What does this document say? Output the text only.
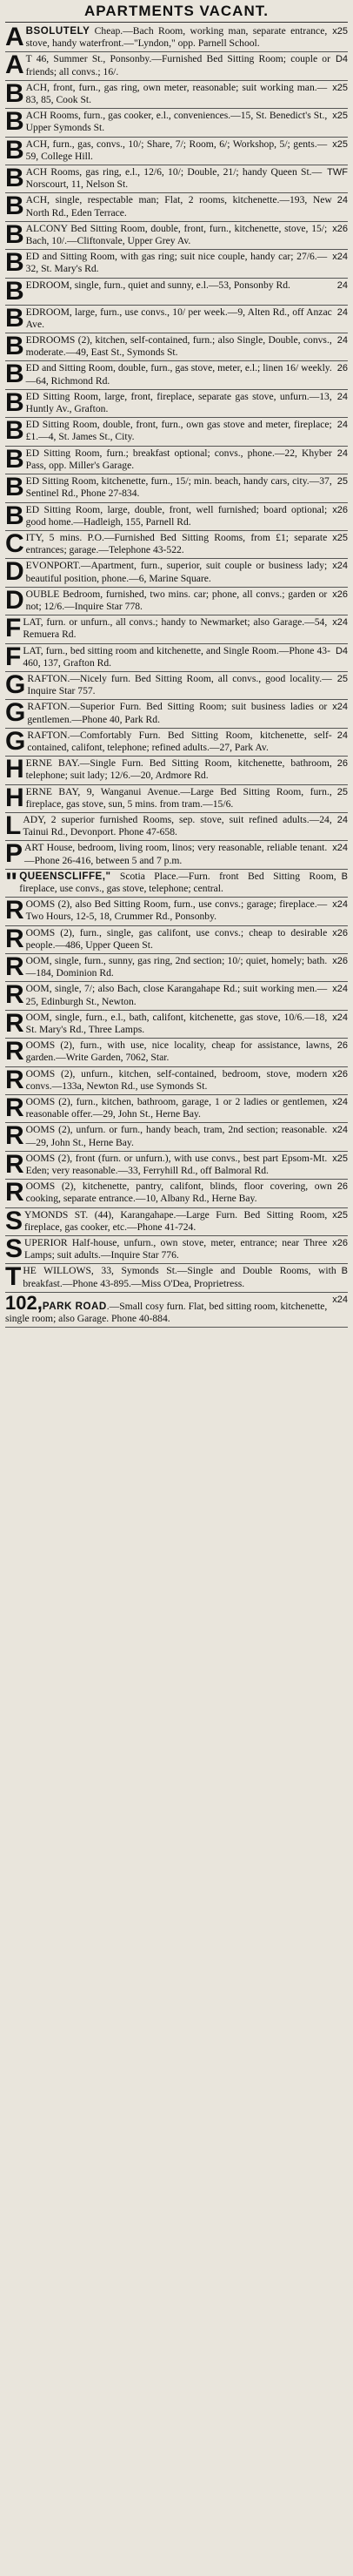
APARTMENTS VACANT.
x25
A BSOLUTELY Cheap.—Bach Room, working man, separate entrance, stove, handy waterfront.—"Lyndon," opp. Parnell School.
D4
A T 46, Summer St., Ponsonby.—Furnished Bed Sitting Room; couple or friends; all convs.; 16/.
x25
B ACH, front, furn., gas ring, own meter, reasonable; suit working man.—83, 85, Cook St.
x25
B ACH Rooms, furn., gas cooker, e.l., conveniences.—15, St. Benedict's St., Upper Symonds St.
x25
B ACH, furn., gas, convs., 10/; Share, 7/; Room, 6/; Workshop, 5/; gents.—59, College Hill.
TWF
B ACH Rooms, gas ring, e.l., 12/6, 10/; Double, 21/; handy Queen St.—Norscourt, 11, Nelson St.
24
B ACH, single, respectable man; Flat, 2 rooms, kitchenette.—193, New North Rd., Eden Terrace.
x26
B ALCONY Bed Sitting Room, double, front, furn., kitchenette, stove, 15/; Bach, 10/.—Cliftonvale, Upper Grey Av.
x24
B ED and Sitting Room, with gas ring; suit nice couple, handy car; 27/6.—32, St. Mary's Rd.
24
B EDROOM, single, furn., quiet and sunny, e.l.—53, Ponsonby Rd.
24
B EDROOM, large, furn., use convs., 10/ per week.—9, Alten Rd., off Anzac Ave.
24
B EDROOMS (2), kitchen, self-contained, furn.; also Single, Double, convs., moderate.—49, East St., Symonds St.
26
B ED and Sitting Room, double, furn., gas stove, meter, e.l.; linen 16/ weekly.—64, Richmond Rd.
24
B ED Sitting Room, large, front, fireplace, separate gas stove, unfurn.—13, Huntly Av., Grafton.
24
B ED Sitting Room, double, front, furn., own gas stove and meter, fireplace; £1.—4, St. James St., City.
24
B ED Sitting Room, furn.; breakfast optional; convs., phone.—22, Khyber Pass, opp. Miller's Garage.
25
B ED Sitting Room, kitchenette, furn., 15/; min. beach, handy cars, city.—37, Sentinel Rd., Phone 27-834.
x26
B ED Sitting Room, large, double, front, well furnished; board optional; good home.—Hadleigh, 155, Parnell Rd.
x25
C ITY, 5 mins. P.O.—Furnished Bed Sitting Rooms, from £1; separate entrances; garage.—Telephone 43-522.
x24
D EVONPORT.—Apartment, furn., superior, suit couple or business lady; beautiful position, phone.—6, Marine Square.
x26
D OUBLE Bedroom, furnished, two mins. car; phone, all convs.; garden or not; 12/6.—Inquire Star 778.
x24
F LAT, furn. or unfurn., all convs.; handy to Newmarket; also Garage.—54, Remuera Rd.
D4
F LAT, furn., bed sitting room and kitchenette, and Single Room.—Phone 43-460, 137, Grafton Rd.
25
G RAFTON.—Nicely furn. Bed Sitting Room, all convs., good locality.—Inquire Star 757.
x24
G RAFTON.—Superior Furn. Bed Sitting Room; suit business ladies or gentlemen.—Phone 40, Park Rd.
24
G RAFTON.—Comfortably Furn. Bed Sitting Room, kitchenette, self-contained, califont, telephone; refined adults.—27, Park Av.
26
H ERNE BAY.—Single Furn. Bed Sitting Room, kitchenette, bathroom, telephone; suit lady; 12/6.—20, Ardmore Rd.
25
H ERNE BAY, 9, Wanganui Avenue.—Large Bed Sitting Room, furn., fireplace, gas stove, sun, 5 mins. from tram.—15/6.
24
L ADY, 2 superior furnished Rooms, sep. stove, suit refined adults.—24, Tainui Rd., Devonport. Phone 47-658.
x24
P ART House, bedroom, living room, linos; very reasonable, reliable tenant.—Phone 26-416, between 5 and 7 p.m.
B
" QUEENSCLIFFE," Scotia Place.—Furn. front Bed Sitting Room, fireplace, use convs., gas stove, telephone; central.
x24
R OOMS (2), also Bed Sitting Room, furn., use convs.; garage; fireplace.—Two Hours, 12-5, 18, Crummer Rd., Ponsonby.
x26
R OOMS (2), furn., single, gas califont, use convs.; cheap to desirable people.—486, Upper Queen St.
x26
R OOM, single, furn., sunny, gas ring, 2nd section; 10/; quiet, homely; bath.—184, Dominion Rd.
x24
R OOM, single, 7/; also Bach, close Karangahape Rd.; suit working men.—25, Edinburgh St., Newton.
x24
R OOM, single, furn., e.l., bath, califont, kitchenette, gas stove, 10/6.—18, St. Mary's Rd., Three Lamps.
26
R OOMS (2), furn., with use, nice locality, cheap for assistance, lawns, garden.—Write Garden, 7062, Star.
x26
R OOMS (2), unfurn., kitchen, self-contained, bedroom, stove, modern convs.—133a, Newton Rd., use Symonds St.
x24
R OOMS (2), furn., kitchen, bathroom, garage, 1 or 2 ladies or gentlemen, reasonable offer.—29, John St., Herne Bay.
x24
R OOMS (2), unfurn. or furn., handy beach, tram, 2nd section; reasonable.—29, John St., Herne Bay.
x25
R OOMS (2), front (furn. or unfurn.), with use convs., best part Epsom-Mt. Eden; very reasonable.—33, Ferryhill Rd., off Balmoral Rd.
26
R OOMS (2), kitchenette, pantry, califont, blinds, floor covering, own cooking, separate entrance.—10, Albany Rd., Herne Bay.
x25
S YMONDS ST. (44), Karangahape.—Large Furn. Bed Sitting Room, fireplace, gas cooker, etc.—Phone 41-724.
x26
S UPERIOR Half-house, unfurn., own stove, meter, entrance; near Three Lamps; suit adults.—Inquire Star 776.
B
T HE WILLOWS, 33, Symonds St.—Single and Double Rooms, with breakfast.—Phone 43-895.—Miss O'Dea, Proprietress.
x24
102,PARK ROAD.—Small cosy furn. Flat, bed sitting room, kitchenette, single room; also Garage. Phone 40-884.
